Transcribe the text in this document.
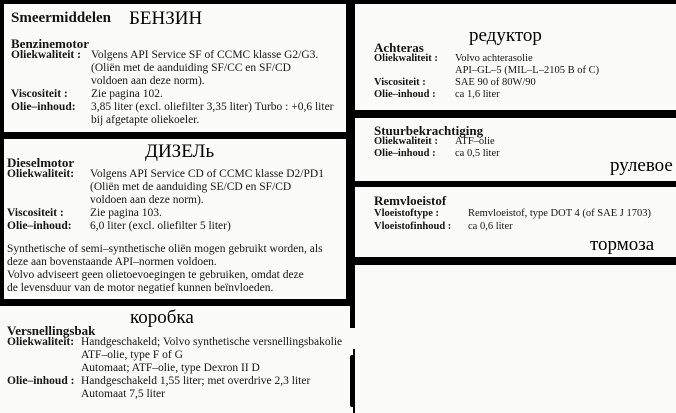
Smeermiddelen БЕНЗИН
Benzinemotor
Oliekwaliteit : Volgens API Service SF of CCMC klasse G2/G3.
(Oliën met de aanduiding SF/CC en SF/CD
voldoen aan deze norm).
Viscositeit : Zie pagina 102.
Olie–inhoud: 3,85 liter (excl. oliefilter 3,35 liter) Turbo : +0,6 liter
bij afgetapte oliekoeler.
ДИЗЕЛь
Dieselmotor
Oliekwaliteit: Volgens API Service CD of CCMC klasse D2/PD1
(Oliën met de aanduiding SE/CD en SF/CD
voldoen aan deze norm).
Viscositeit : Zie pagina 103.
Olie–inhoud: 6,0 liter (excl. oliefilter 5 liter)
Synthetische of semi–synthetische oliën mogen gebruikt worden, als
deze aan bovenstaande API–normen voldoen.
Volvo adviseert geen olietoevoegingen te gebruiken, omdat deze
de levensduur van de motor negatief kunnen beïnvloeden.
коробка
Versnellingsbak
Oliekwaliteit: Handgeschakeld; Volvo synthetische versnellingsbakolie
ATF–olie, type F of G
Automaat; ATF–olie, type Dexron II D
Olie–inhoud : Handgeschakeld 1,55 liter; met overdrive 2,3 liter
Automaat 7,5 liter
редуктор
Achteras
Oliekwaliteit : Volvo achterasolie
API–GL–5 (MIL–L–2105 B of C)
Viscositeit :	SAE 90 of 80W/90
Olie–inhoud : ca 1,6 liter
Stuurbekrachtiging
Oliekwaliteit : ATF–olie
Olie–inhoud : ca 0,5 liter
рулевое
Remvloeistof
Vloeistoftype :	Remvloeistof, type DOT 4 (of SAE J 1703)
Vloeistofinhoud : ca 0,6 liter
тормоза
